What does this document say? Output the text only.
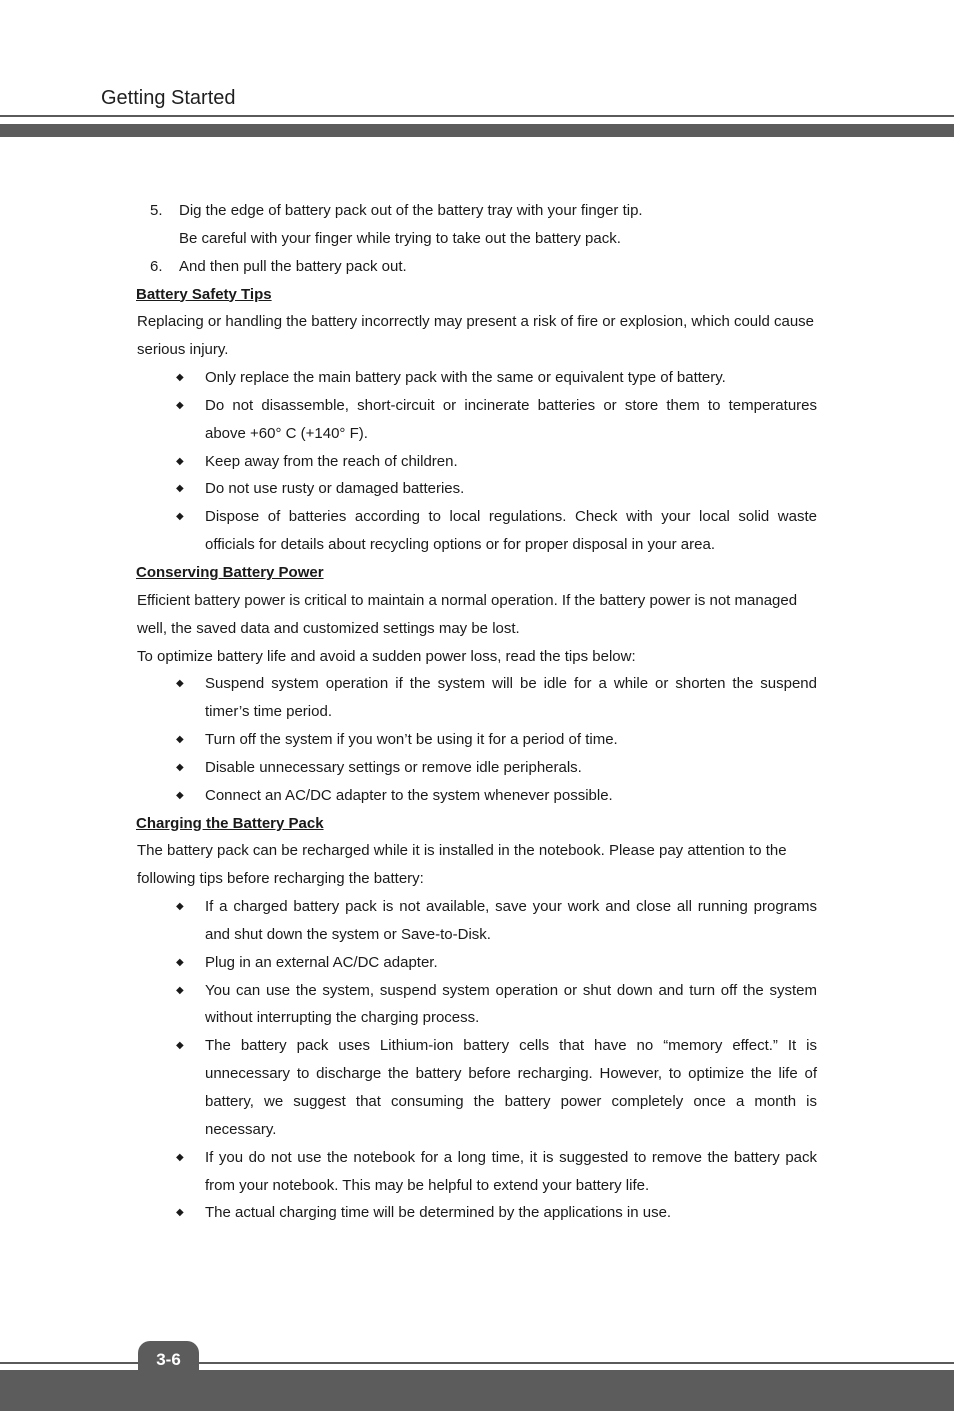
Getting Started
5. Dig the edge of battery pack out of the battery tray with your finger tip.
Be careful with your finger while trying to take out the battery pack.
6. And then pull the battery pack out.
Battery Safety Tips
Replacing or handling the battery incorrectly may present a risk of fire or explosion, which could cause serious injury.
◆ Only replace the main battery pack with the same or equivalent type of battery.
◆ Do not disassemble, short-circuit or incinerate batteries or store them to temperatures above +60° C (+140° F).
◆ Keep away from the reach of children.
◆ Do not use rusty or damaged batteries.
◆ Dispose of batteries according to local regulations. Check with your local solid waste officials for details about recycling options or for proper disposal in your area.
Conserving Battery Power
Efficient battery power is critical to maintain a normal operation. If the battery power is not managed well, the saved data and customized settings may be lost.
To optimize battery life and avoid a sudden power loss, read the tips below:
◆ Suspend system operation if the system will be idle for a while or shorten the suspend timer’s time period.
◆ Turn off the system if you won’t be using it for a period of time.
◆ Disable unnecessary settings or remove idle peripherals.
◆ Connect an AC/DC adapter to the system whenever possible.
Charging the Battery Pack
The battery pack can be recharged while it is installed in the notebook. Please pay attention to the following tips before recharging the battery:
◆ If a charged battery pack is not available, save your work and close all running programs and shut down the system or Save-to-Disk.
◆ Plug in an external AC/DC adapter.
◆ You can use the system, suspend system operation or shut down and turn off the system without interrupting the charging process.
◆ The battery pack uses Lithium-ion battery cells that have no “memory effect.” It is unnecessary to discharge the battery before recharging. However, to optimize the life of battery, we suggest that consuming the battery power completely once a month is necessary.
◆ If you do not use the notebook for a long time, it is suggested to remove the battery pack from your notebook. This may be helpful to extend your battery life.
◆ The actual charging time will be determined by the applications in use.
3-6
